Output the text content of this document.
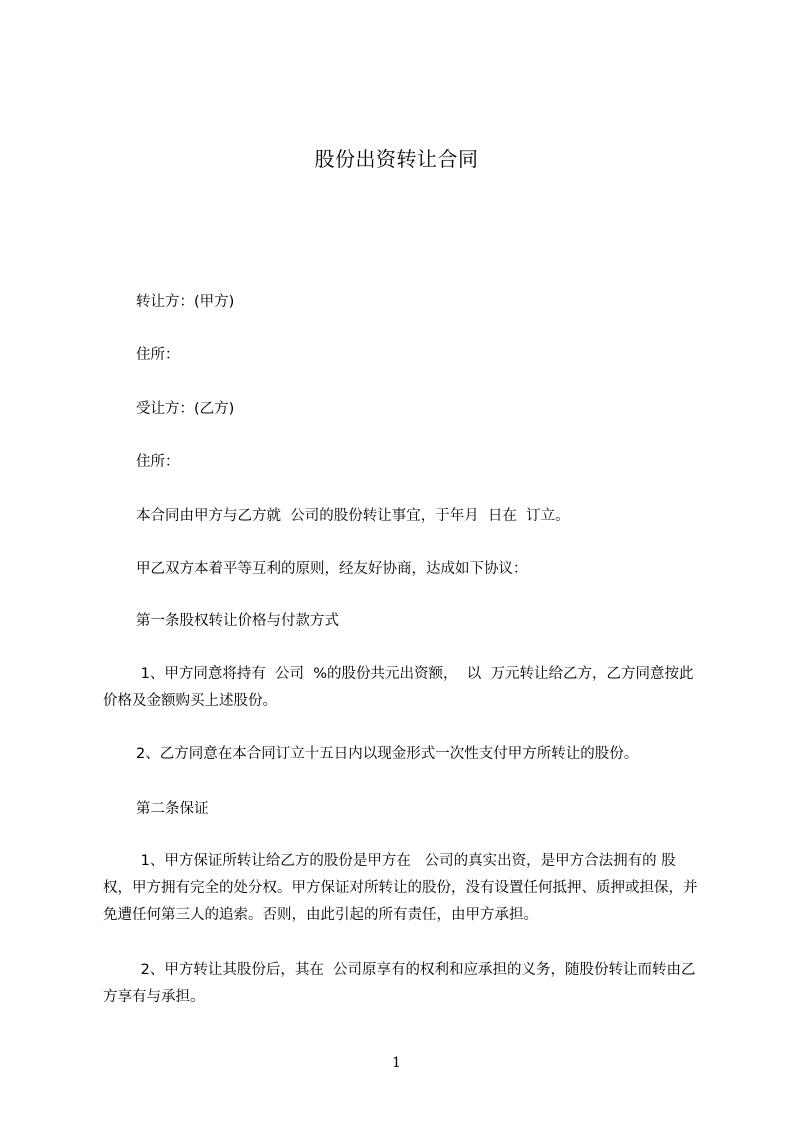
股份出资转让合同
转让方：(甲方)
住所：
受让方：(乙方)
住所：
本合同由甲方与乙方就  公司的股份转让事宜，于年月  日在  订立。
甲乙双方本着平等互利的原则，经友好协商，达成如下协议：
第一条股权转让价格与付款方式
1、甲方同意将持有  公司  %的股份共元出资额，  以  万元转让给乙方，乙方同意按此价格及金额购买上述股份。
2、乙方同意在本合同订立十五日内以现金形式一次性支付甲方所转让的股份。
第二条保证
1、甲方保证所转让给乙方的股份是甲方在   公司的真实出资，是甲方合法拥有的 股权，甲方拥有完全的处分权。甲方保证对所转让的股份，没有设置任何抵押、质押或担保，并免遭任何第三人的追索。否则，由此引起的所有责任，由甲方承担。
2、甲方转让其股份后，其在  公司原享有的权利和应承担的义务，随股份转让而转由乙方享有与承担。
1
